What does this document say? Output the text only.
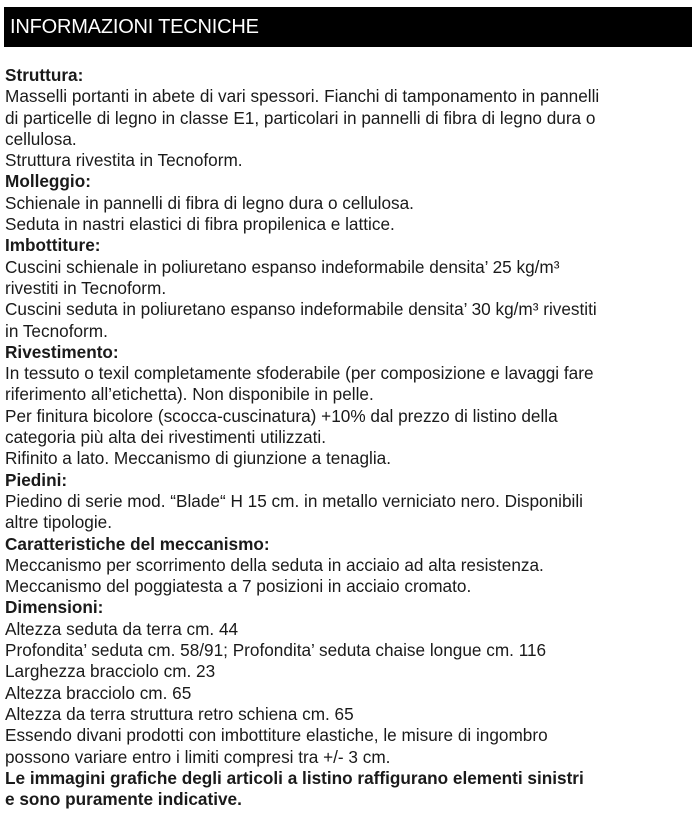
INFORMAZIONI TECNICHE
Struttura:
Masselli portanti in abete di vari spessori. Fianchi di tamponamento in pannelli
di particelle di legno in classe E1, particolari in pannelli di fibra di legno dura o
cellulosa.
Struttura rivestita in Tecnoform.
Molleggio:
Schienale in pannelli di fibra di legno dura o cellulosa.
Seduta in nastri elastici di fibra propilenica e lattice.
Imbottiture:
Cuscini schienale in poliuretano espanso indeformabile densita’ 25 kg/m³
rivestiti in Tecnoform.
Cuscini seduta in poliuretano espanso indeformabile densita’ 30 kg/m³ rivestiti
in Tecnoform.
Rivestimento:
In tessuto o texil completamente sfoderabile (per composizione e lavaggi fare
riferimento all’etichetta). Non disponibile in pelle.
Per finitura bicolore (scocca-cuscinatura) +10% dal prezzo di listino della
categoria più alta dei rivestimenti utilizzati.
Rifinito a lato. Meccanismo di giunzione a tenaglia.
Piedini:
Piedino di serie mod. “Blade“ H 15 cm. in metallo verniciato nero. Disponibili
altre tipologie.
Caratteristiche del meccanismo:
Meccanismo per scorrimento della seduta in acciaio ad alta resistenza.
Meccanismo del poggiatesta a 7 posizioni in acciaio cromato.
Dimensioni:
Altezza seduta da terra cm. 44
Profondita’ seduta cm. 58/91; Profondita’ seduta chaise longue cm. 116
Larghezza bracciolo cm. 23
Altezza bracciolo cm. 65
Altezza da terra struttura retro schiena cm. 65
Essendo divani prodotti con imbottiture elastiche, le misure di ingombro
possono variare entro i limiti compresi tra +/- 3 cm.
Le immagini grafiche degli articoli a listino raffigurano elementi sinistri
e sono puramente indicative.
